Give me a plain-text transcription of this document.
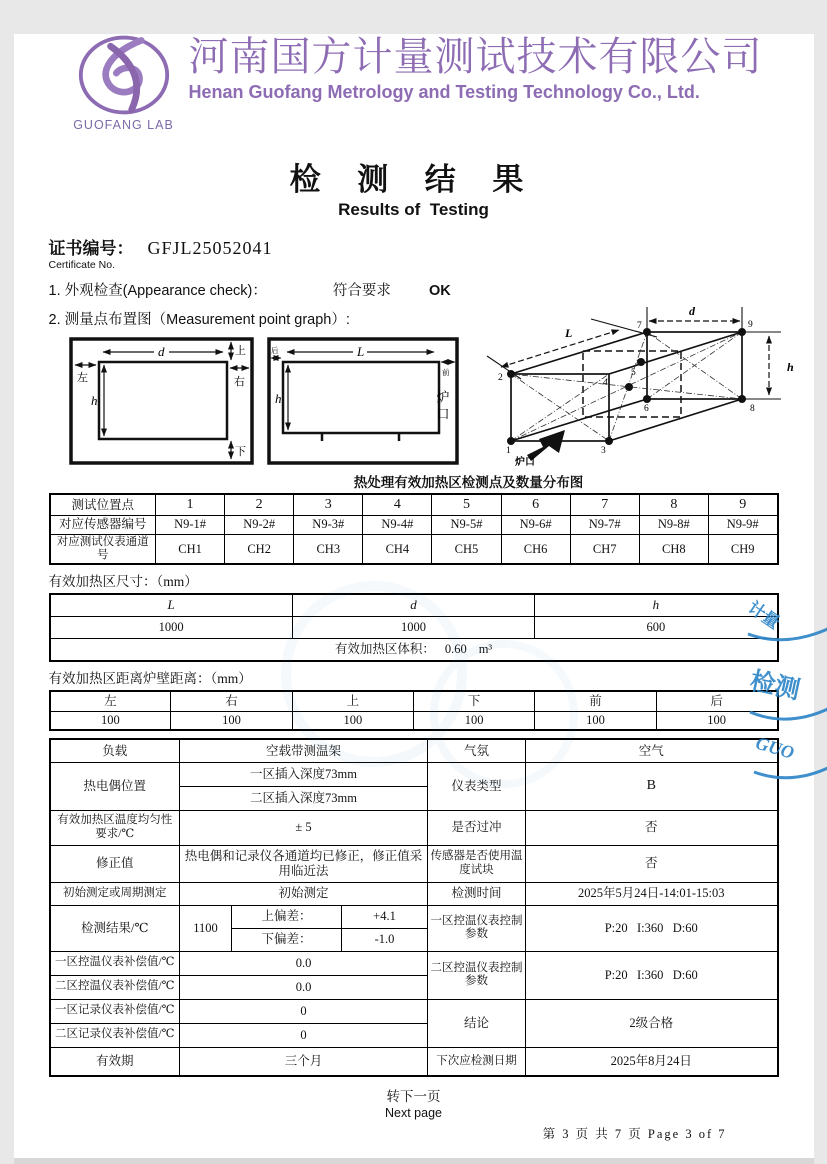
GUOFANG LAB
河南国方计量测试技术有限公司
Henan Guofang Metrology and Testing Technology Co., Ltd.
检 测 结 果
Results of  Testing
证书编号： GFJL25052041
Certificate No.
1. 外观检查(Appearance check)：	符合要求	OK
2. 测量点布置图（Measurement point graph）:
d	上
左
h
右
下
L
后
前
h	炉口
L
d
h
1
2
3
4
5
6
7
8
9
炉口
热处理有效加热区检测点及数量分布图
测试位置点	1	2	3	4	5	6	7	8	9
对应传感器编号	N9-1#	N9-2#	N9-3#	N9-4#	N9-5#	N9-6#	N9-7#	N9-8#	N9-9#
对应测试仪表通道号	CH1	CH2	CH3	CH4	CH5	CH6	CH7	CH8	CH9
有效加热区尺寸：（mm）
L	d	h
1000	1000	600
有效加热区体积： 0.60 m³		
有效加热区距离炉壁距离：（mm）
左	右	上	下	前	后
100	100	100	100	100	100
负载	空载带测温架			气氛	空气
热电偶位置	一区插入深度73mm			仪表类型	B
	二区插入深度73mm				
有效加热区温度均匀性要求/℃	± 5			是否过冲	否
修正值	热电偶和记录仪各通道均已修正，修正值采用临近法			传感器是否使用温度试块	否
初始测定或周期测定	初始测定			检测时间	2025年5月24日-14:01-15:03
检测结果/℃	1100	上偏差：	+4.1	一区控温仪表控制参数	P:20   I:360   D:60
		下偏差：	-1.0		
一区控温仪表补偿值/℃	0.0			二区控温仪表控制参数	P:20   I:360   D:60
二区控温仪表补偿值/℃	0.0				
一区记录仪表补偿值/℃	0			结论	2级合格
二区记录仪表补偿值/℃	0				
有效期	三个月			下次应检测日期	2025年8月24日
转下一页
Next page
第 3 页 共 7 页 Page 3 of 7
计量
检测
GUO
